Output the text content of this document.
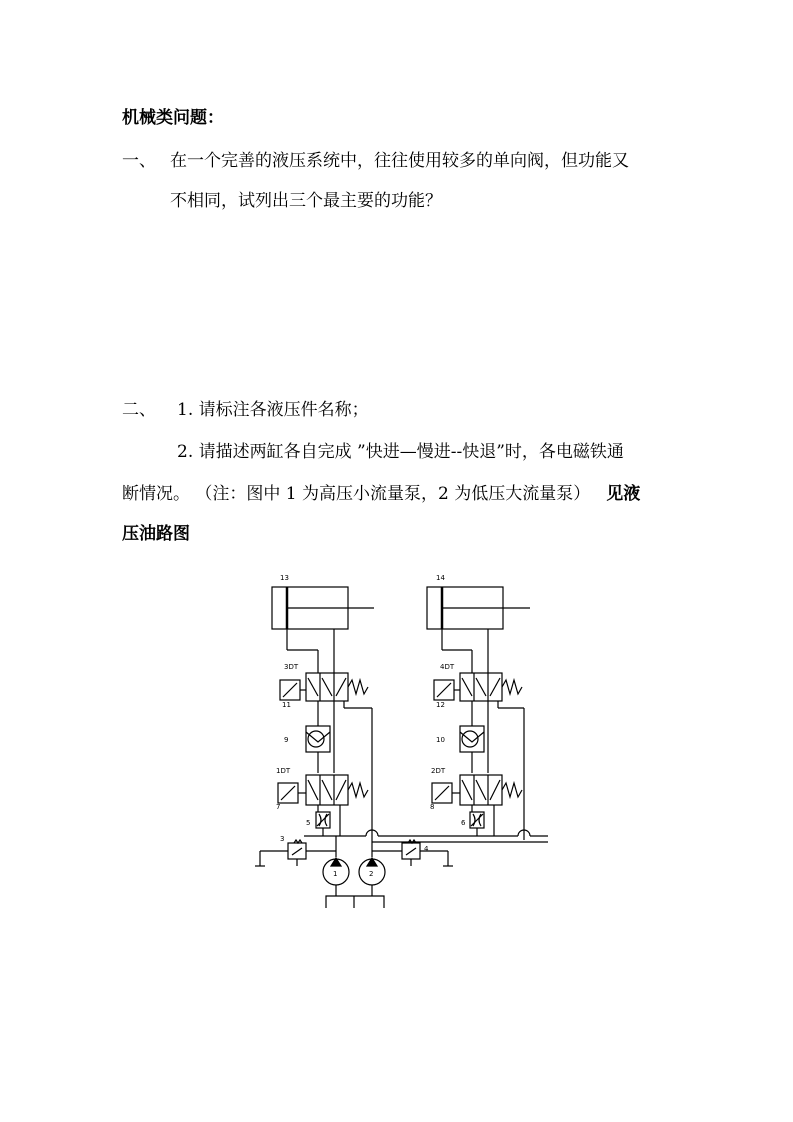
机械类问题：
一、 在一个完善的液压系统中，往往使用较多的单向阀，但功能又
不相同，试列出三个最主要的功能？
二、 1. 请标注各液压件名称；
2. 请描述两缸各自完成 ”快进—慢进--快退”时，各电磁铁通
断情况。 （注：图中 1 为高压小流量泵，2 为低压大流量泵） 见液
压油路图
13	14
3DT	4DT
11	12
9	10
1DT	2DT
7	8
5	6
3
4
1	2
